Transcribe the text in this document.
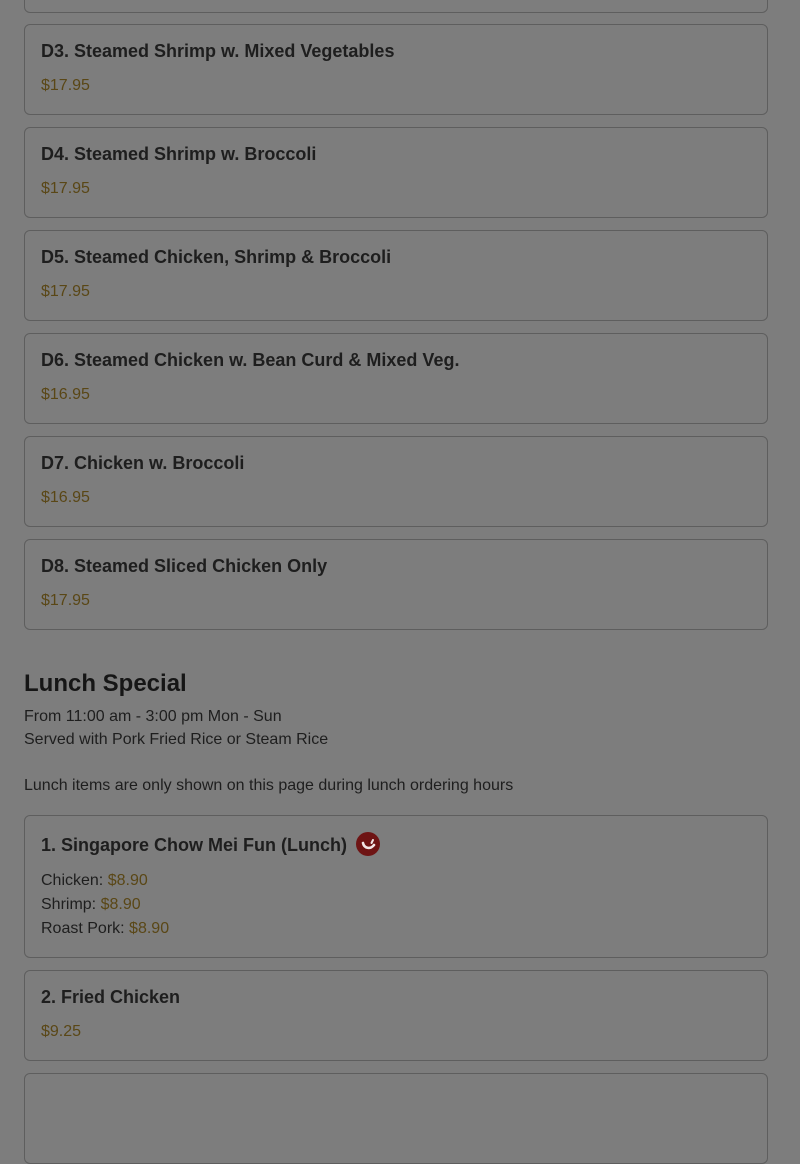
D3. Steamed Shrimp w. Mixed Vegetables
$17.95
D4. Steamed Shrimp w. Broccoli
$17.95
D5. Steamed Chicken, Shrimp & Broccoli
$17.95
D6. Steamed Chicken w. Bean Curd & Mixed Veg.
$16.95
D7. Chicken w. Broccoli
$16.95
D8. Steamed Sliced Chicken Only
$17.95
Lunch Special
From 11:00 am - 3:00 pm Mon - Sun
Served with Pork Fried Rice or Steam Rice
Lunch items are only shown on this page during lunch ordering hours
1. Singapore Chow Mei Fun (Lunch)
Chicken: $8.90
Shrimp: $8.90
Roast Pork: $8.90
2. Fried Chicken
$9.25
